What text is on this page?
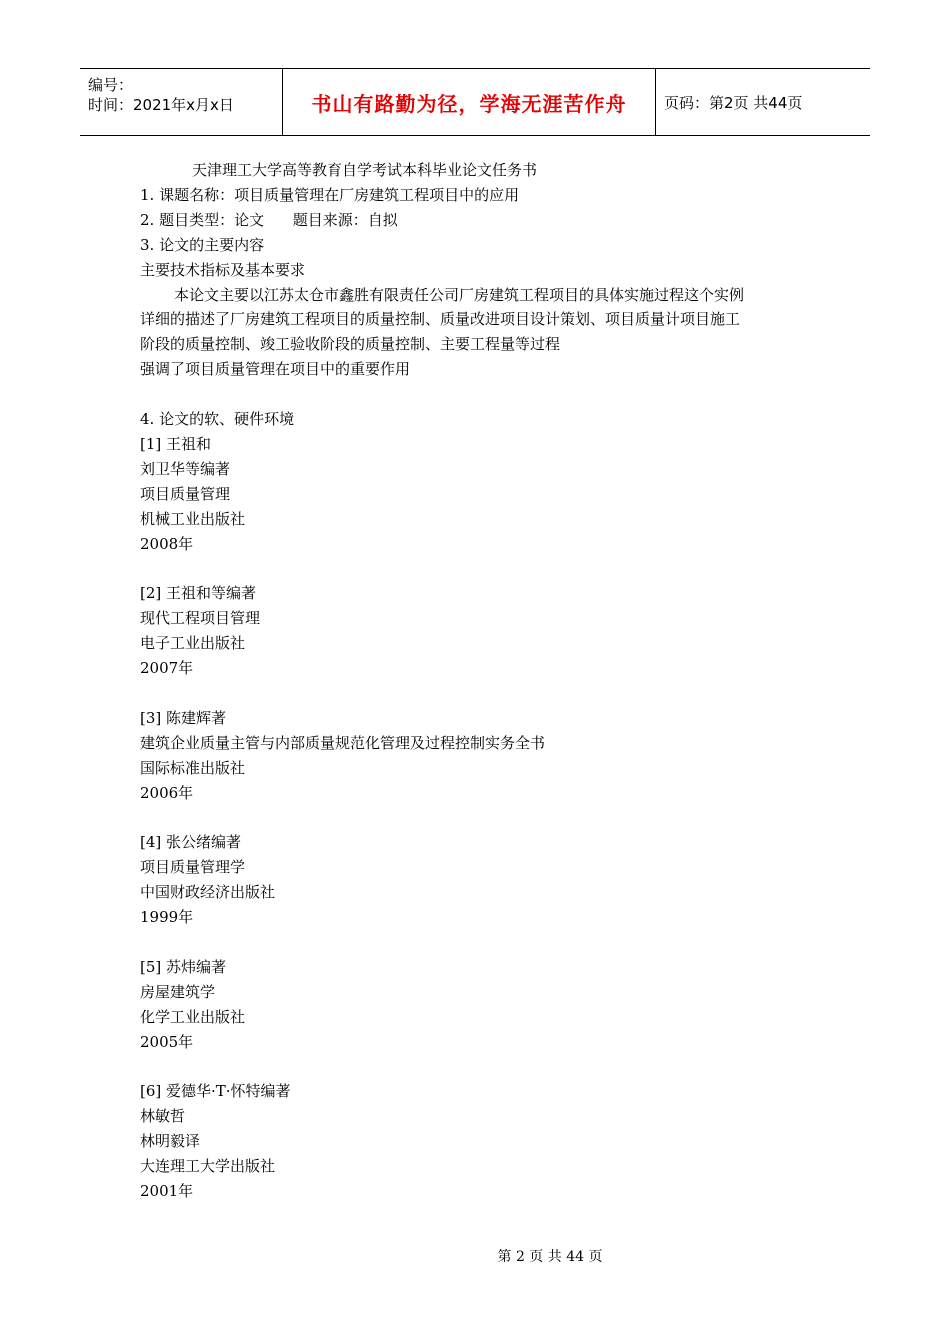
编号：
时间：2021年x月x日	书山有路勤为径，学海无涯苦作舟	页码：第2页 共44页
天津理工大学高等教育自学考试本科毕业论文任务书
1. 课题名称：项目质量管理在厂房建筑工程项目中的应用
2. 题目类型：论文      题目来源：自拟
3. 论文的主要内容
主要技术指标及基本要求
本论文主要以江苏太仓市鑫胜有限责任公司厂房建筑工程项目的具体实施过程这个实例
详细的描述了厂房建筑工程项目的质量控制、质量改进项目设计策划、项目质量计项目施工
阶段的质量控制、竣工验收阶段的质量控制、主要工程量等过程
强调了项目质量管理在项目中的重要作用
4. 论文的软、硬件环境
[1] 王祖和
刘卫华等编著
项目质量管理
机械工业出版社
2008年
[2] 王祖和等编著
现代工程项目管理
电子工业出版社
2007年
[3] 陈建辉著
建筑企业质量主管与内部质量规范化管理及过程控制实务全书
国际标准出版社
2006年
[4] 张公绪编著
项目质量管理学
中国财政经济出版社
1999年
[5] 苏炜编著
房屋建筑学
化学工业出版社
2005年
[6] 爱德华·T·怀特编著
林敏哲
林明毅译
大连理工大学出版社
2001年
第 2 页 共 44 页
